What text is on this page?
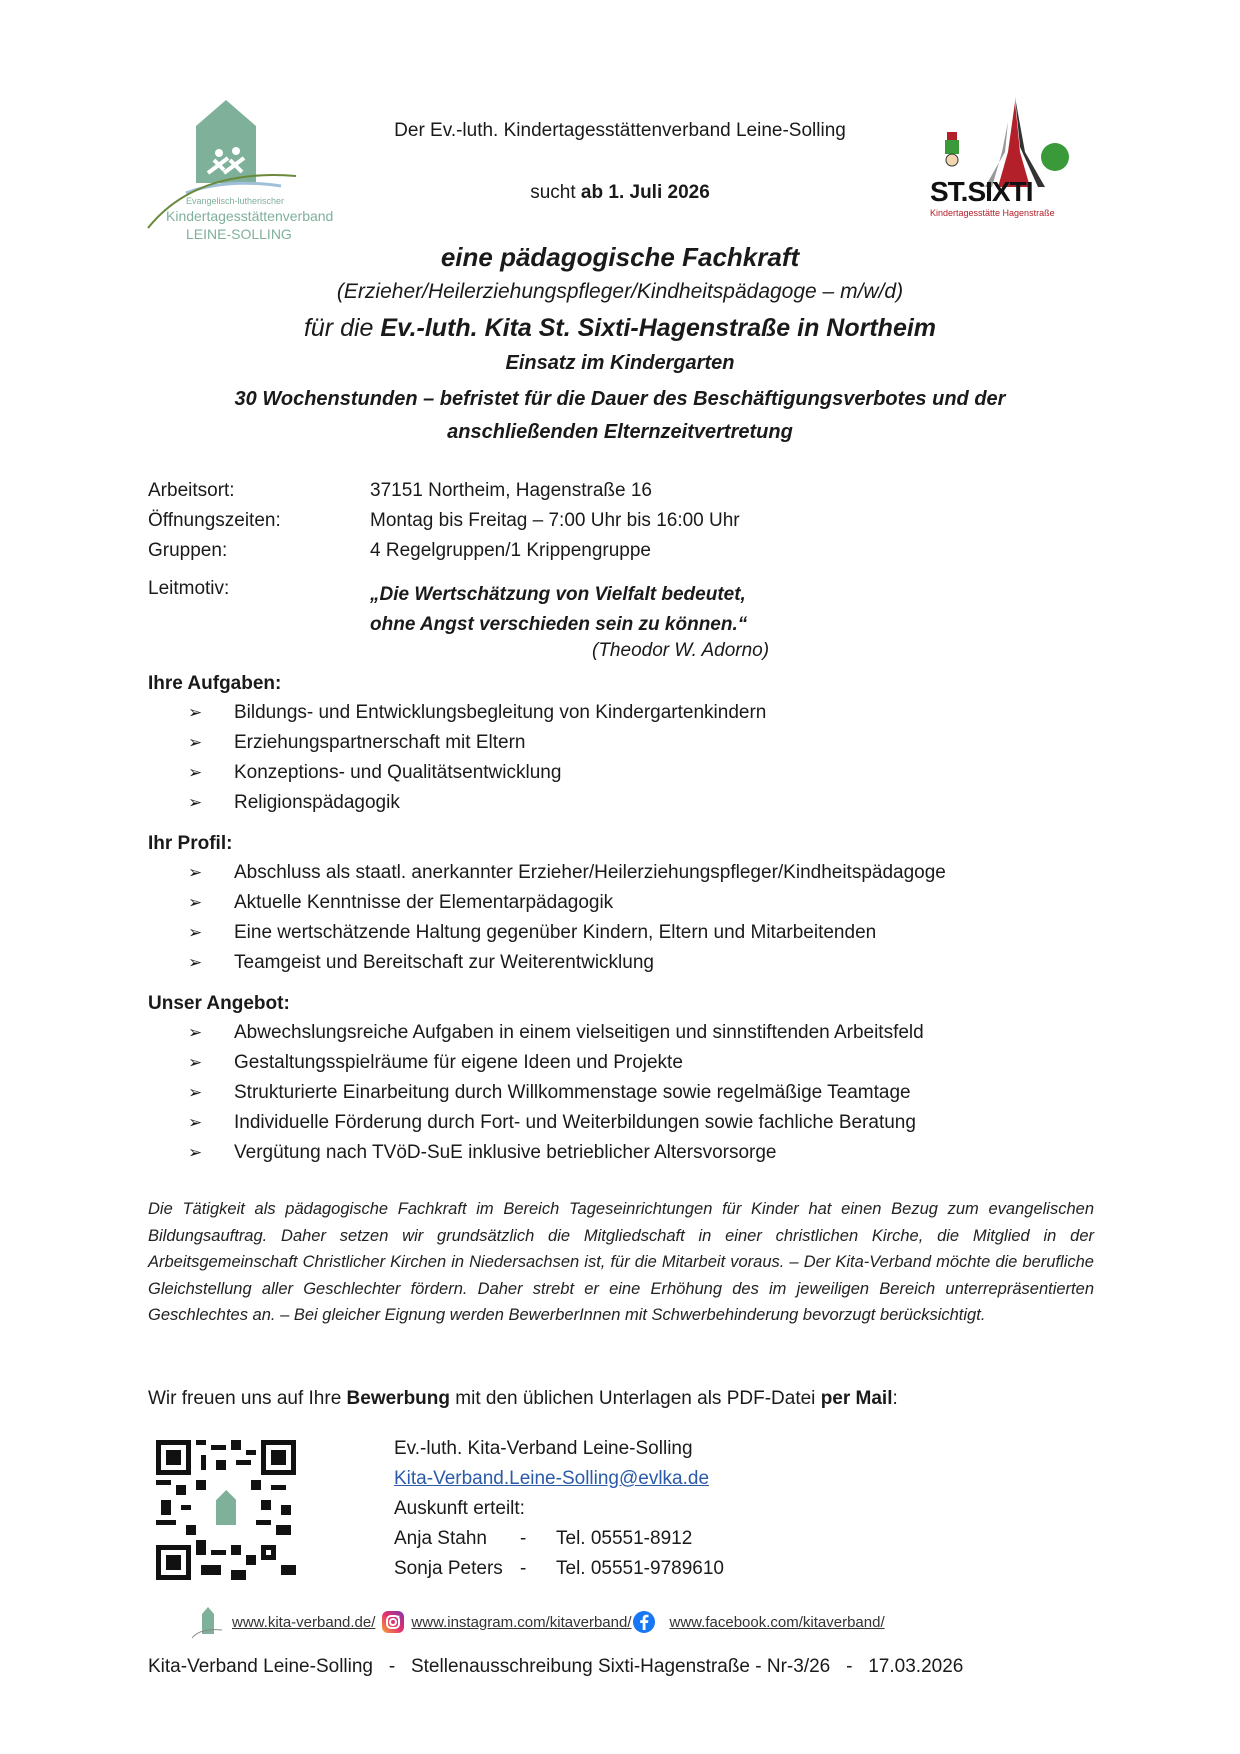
Evangelisch-lutherischer
Kindertagesstättenverband
LEINE-SOLLING
ST.SIXTI
Kindertagesstätte Hagenstraße
Der Ev.-luth. Kindertagesstättenverband Leine-Solling
sucht ab 1. Juli 2026
eine pädagogische Fachkraft
(Erzieher/Heilerziehungspfleger/Kindheitspädagoge – m/w/d)
für die Ev.-luth. Kita St. Sixti-Hagenstraße in Northeim
Einsatz im Kindergarten
30 Wochenstunden – befristet für die Dauer des Beschäftigungsverbotes und der
anschließenden Elternzeitvertretung
Arbeitsort:	37151 Northeim, Hagenstraße 16
Öffnungszeiten:	Montag bis Freitag – 7:00 Uhr bis 16:00 Uhr
Gruppen:	4 Regelgruppen/1 Krippengruppe
Leitmotiv:	„Die Wertschätzung von Vielfalt bedeutet,
ohne Angst verschieden sein zu können.“
(Theodor W. Adorno)
Ihre Aufgaben:
➢	Bildungs- und Entwicklungsbegleitung von Kindergartenkindern
➢	Erziehungspartnerschaft mit Eltern
➢	Konzeptions- und Qualitätsentwicklung
➢	Religionspädagogik
Ihr Profil:
➢	Abschluss als staatl. anerkannter Erzieher/Heilerziehungspfleger/Kindheitspädagoge
➢	Aktuelle Kenntnisse der Elementarpädagogik
➢	Eine wertschätzende Haltung gegenüber Kindern, Eltern und Mitarbeitenden
➢	Teamgeist und Bereitschaft zur Weiterentwicklung
Unser Angebot:
➢	Abwechslungsreiche Aufgaben in einem vielseitigen und sinnstiftenden Arbeitsfeld
➢	Gestaltungsspielräume für eigene Ideen und Projekte
➢	Strukturierte Einarbeitung durch Willkommenstage sowie regelmäßige Teamtage
➢	Individuelle Förderung durch Fort- und Weiterbildungen sowie fachliche Beratung
➢	Vergütung nach TVöD-SuE inklusive betrieblicher Altersvorsorge
Die Tätigkeit als pädagogische Fachkraft im Bereich Tageseinrichtungen für Kinder hat einen Bezug zum evangelischen Bildungsauftrag. Daher setzen wir grundsätzlich die Mitgliedschaft in einer christlichen Kirche, die Mitglied in der Arbeitsgemeinschaft Christlicher Kirchen in Niedersachsen ist, für die Mitarbeit voraus. – Der Kita-Verband möchte die berufliche Gleichstellung aller Geschlechter fördern. Daher strebt er eine Erhöhung des im jeweiligen Bereich unterrepräsentierten Geschlechtes an. – Bei gleicher Eignung werden BewerberInnen mit Schwerbehinderung bevorzugt berücksichtigt.
Wir freuen uns auf Ihre Bewerbung mit den üblichen Unterlagen als PDF-Datei per Mail:
Ev.-luth. Kita-Verband Leine-Solling
Kita-Verband.Leine-Solling@evlka.de
Auskunft erteilt:
Anja Stahn	-	Tel. 05551-8912
Sonja Peters -	Tel. 05551-9789610
www.kita-verband.de/ www.instagram.com/kitaverband/	www.facebook.com/kitaverband/
Kita-Verband Leine-Solling   -   Stellenausschreibung Sixti-Hagenstraße - Nr-3/26   -   17.03.2026
